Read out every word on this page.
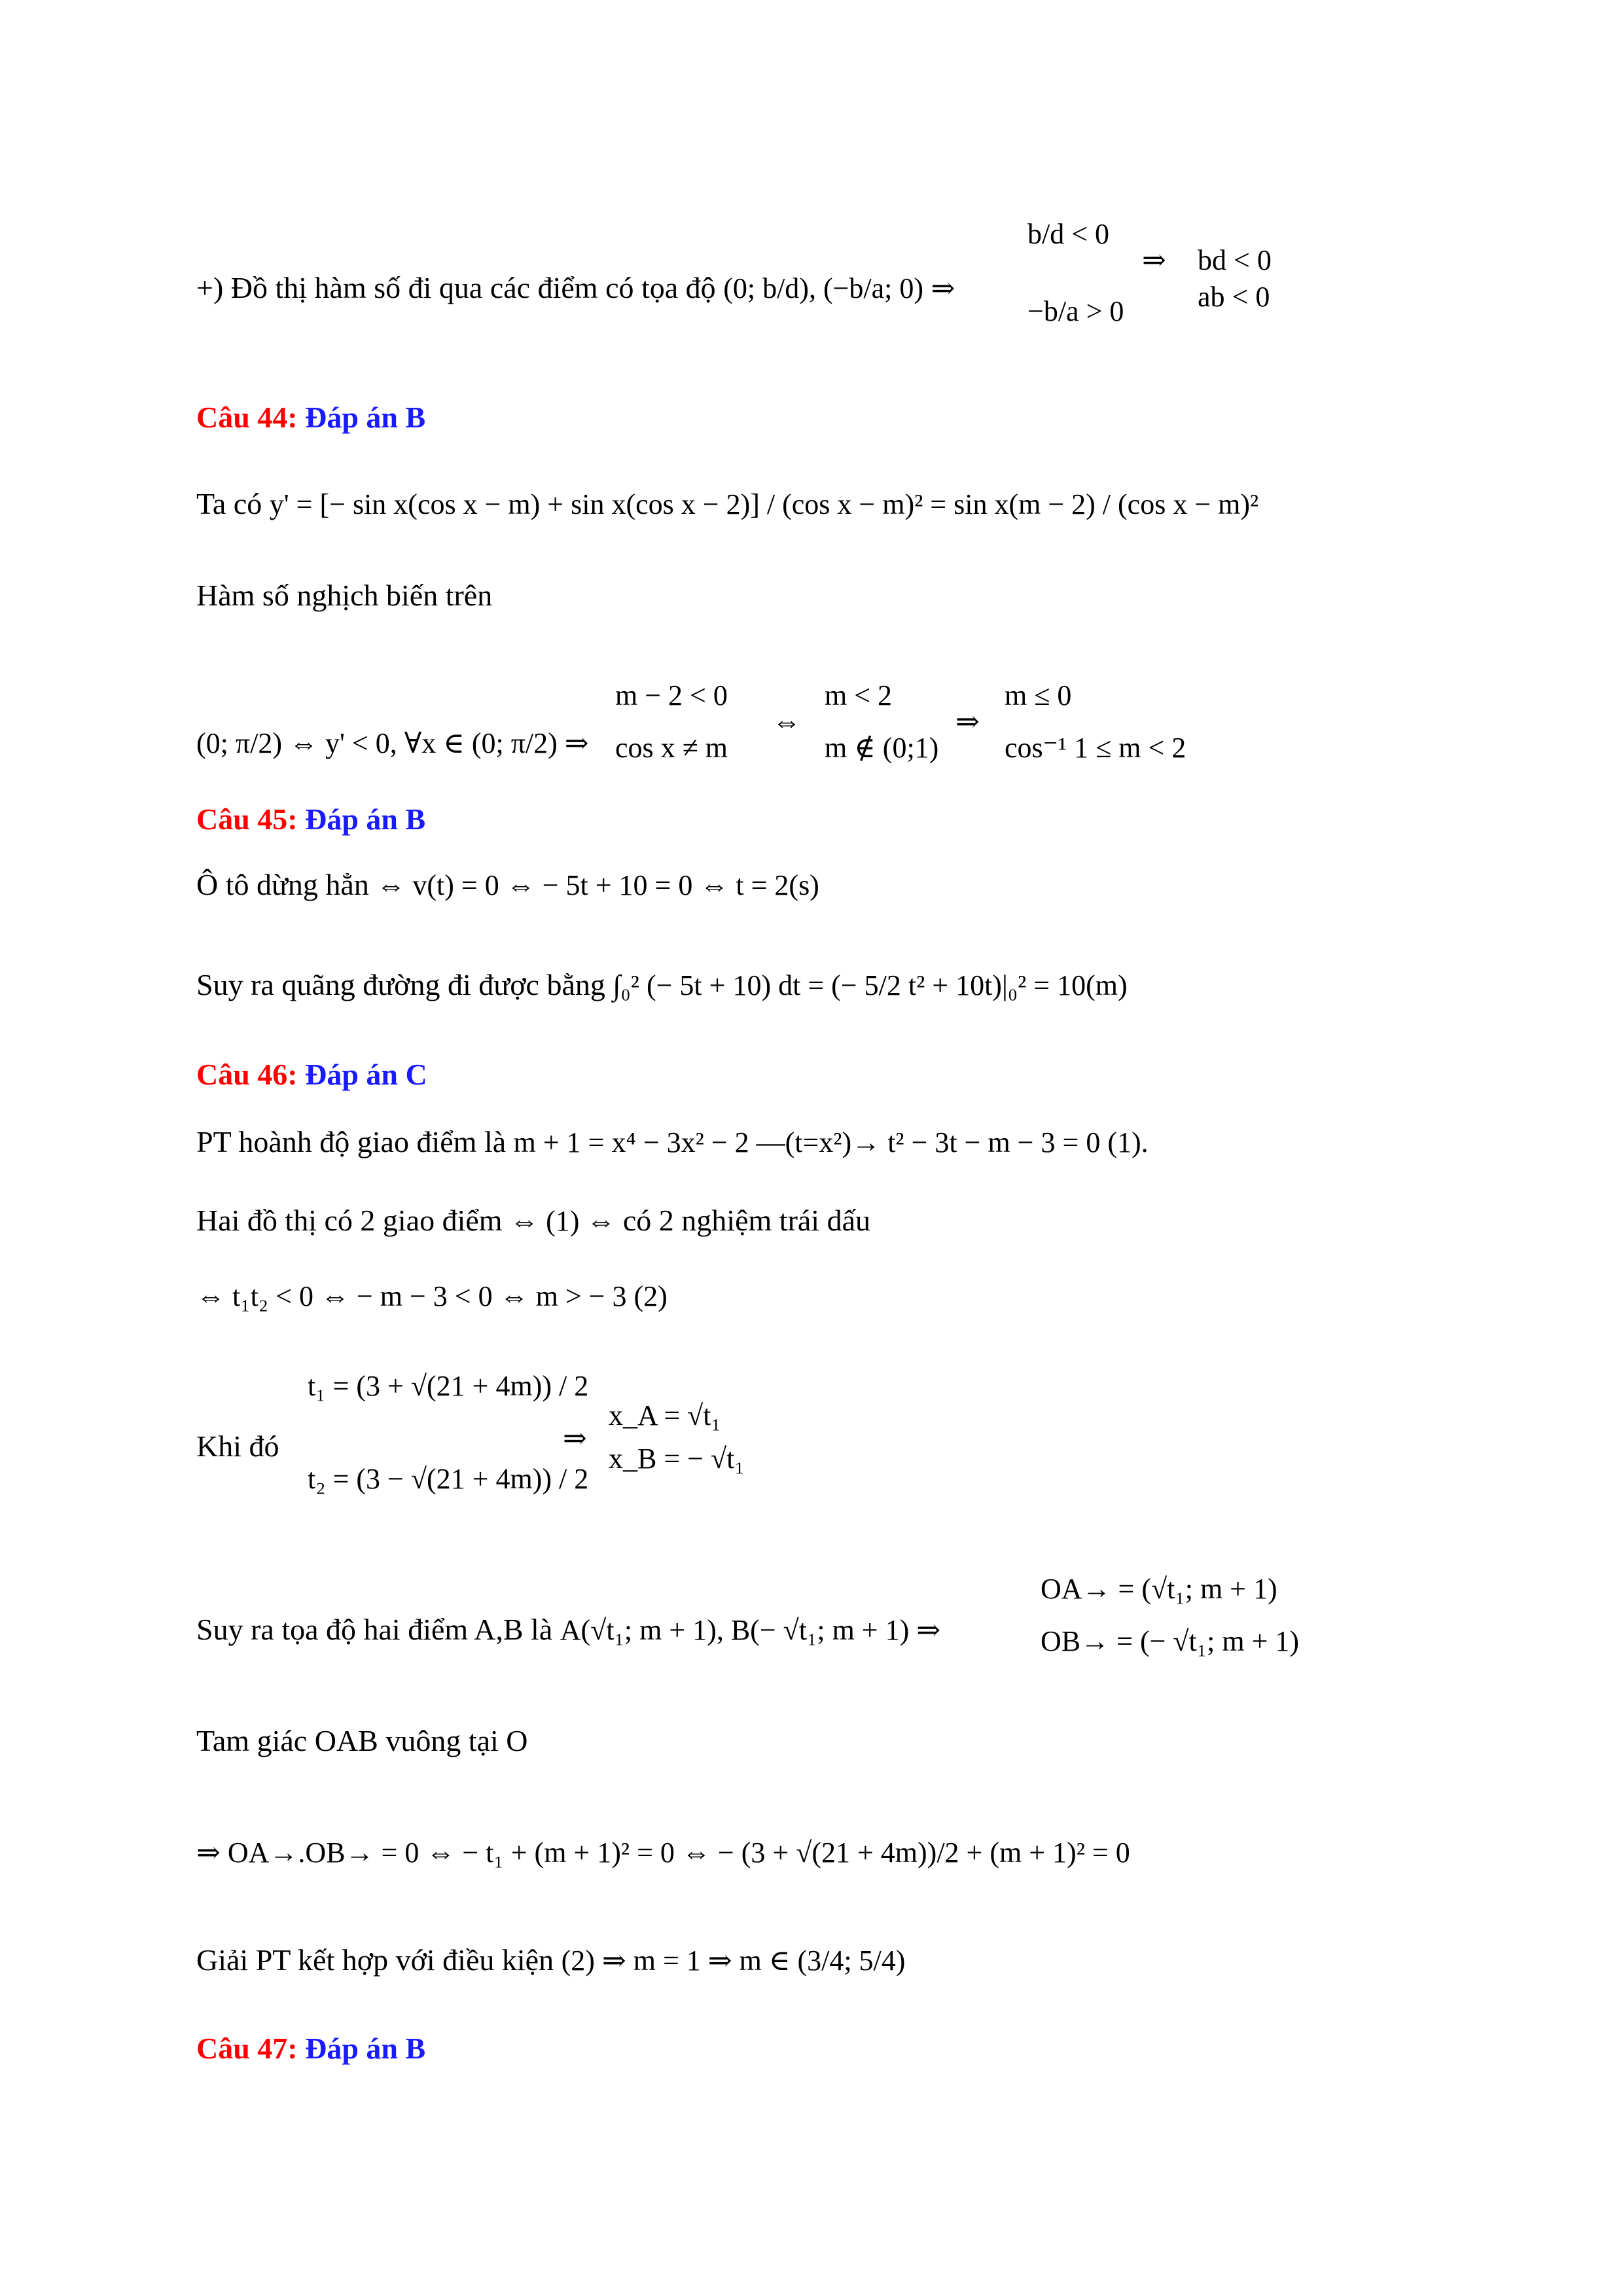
+) Đồ thị hàm số đi qua các điểm có tọa độ (0; b/d), (−b/a; 0) ⇒
b/d < 0
−b/a > 0
⇒ bd < 0
ab < 0
Câu 44: Đáp án B
Ta có y' = [− sin x(cos x − m) + sin x(cos x − 2)] / (cos x − m)² = sin x(m − 2) / (cos x − m)²
Hàm số nghịch biến trên
(0; π/2) ⇔ y' < 0, ∀x ∈ (0; π/2) ⇒
m − 2 < 0
cos x ≠ m
⇔
m < 2
m ∉ (0;1)
⇒
m ≤ 0
cos⁻¹ 1 ≤ m < 2
Câu 45: Đáp án B
Ô tô dừng hẳn ⇔ v(t) = 0 ⇔ − 5t + 10 = 0 ⇔ t = 2(s)
Suy ra quãng đường đi được bằng ∫₀² (− 5t + 10) dt = (− 5/2 t² + 10t)|₀² = 10(m)
Câu 46: Đáp án C
PT hoành độ giao điểm là m + 1 = x⁴ − 3x² − 2 —(t=x²)→ t² − 3t − m − 3 = 0 (1).
Hai đồ thị có 2 giao điểm ⇔ (1) ⇔ có 2 nghiệm trái dấu
⇔ t₁t₂ < 0 ⇔ − m − 3 < 0 ⇔ m > − 3 (2)
Khi đó
t₁ = (3 + √(21 + 4m)) / 2
t₂ = (3 − √(21 + 4m)) / 2
⇒
x_A = √t₁
x_B = − √t₁
Suy ra tọa độ hai điểm A,B là A(√t₁; m + 1), B(− √t₁; m + 1) ⇒
OA→ = (√t₁; m + 1)
OB→ = (− √t₁; m + 1)
Tam giác OAB vuông tại O
⇒ OA→.OB→ = 0 ⇔ − t₁ + (m + 1)² = 0 ⇔ − (3 + √(21 + 4m))/2 + (m + 1)² = 0
Giải PT kết hợp với điều kiện (2) ⇒ m = 1 ⇒ m ∈ (3/4; 5/4)
Câu 47: Đáp án B
